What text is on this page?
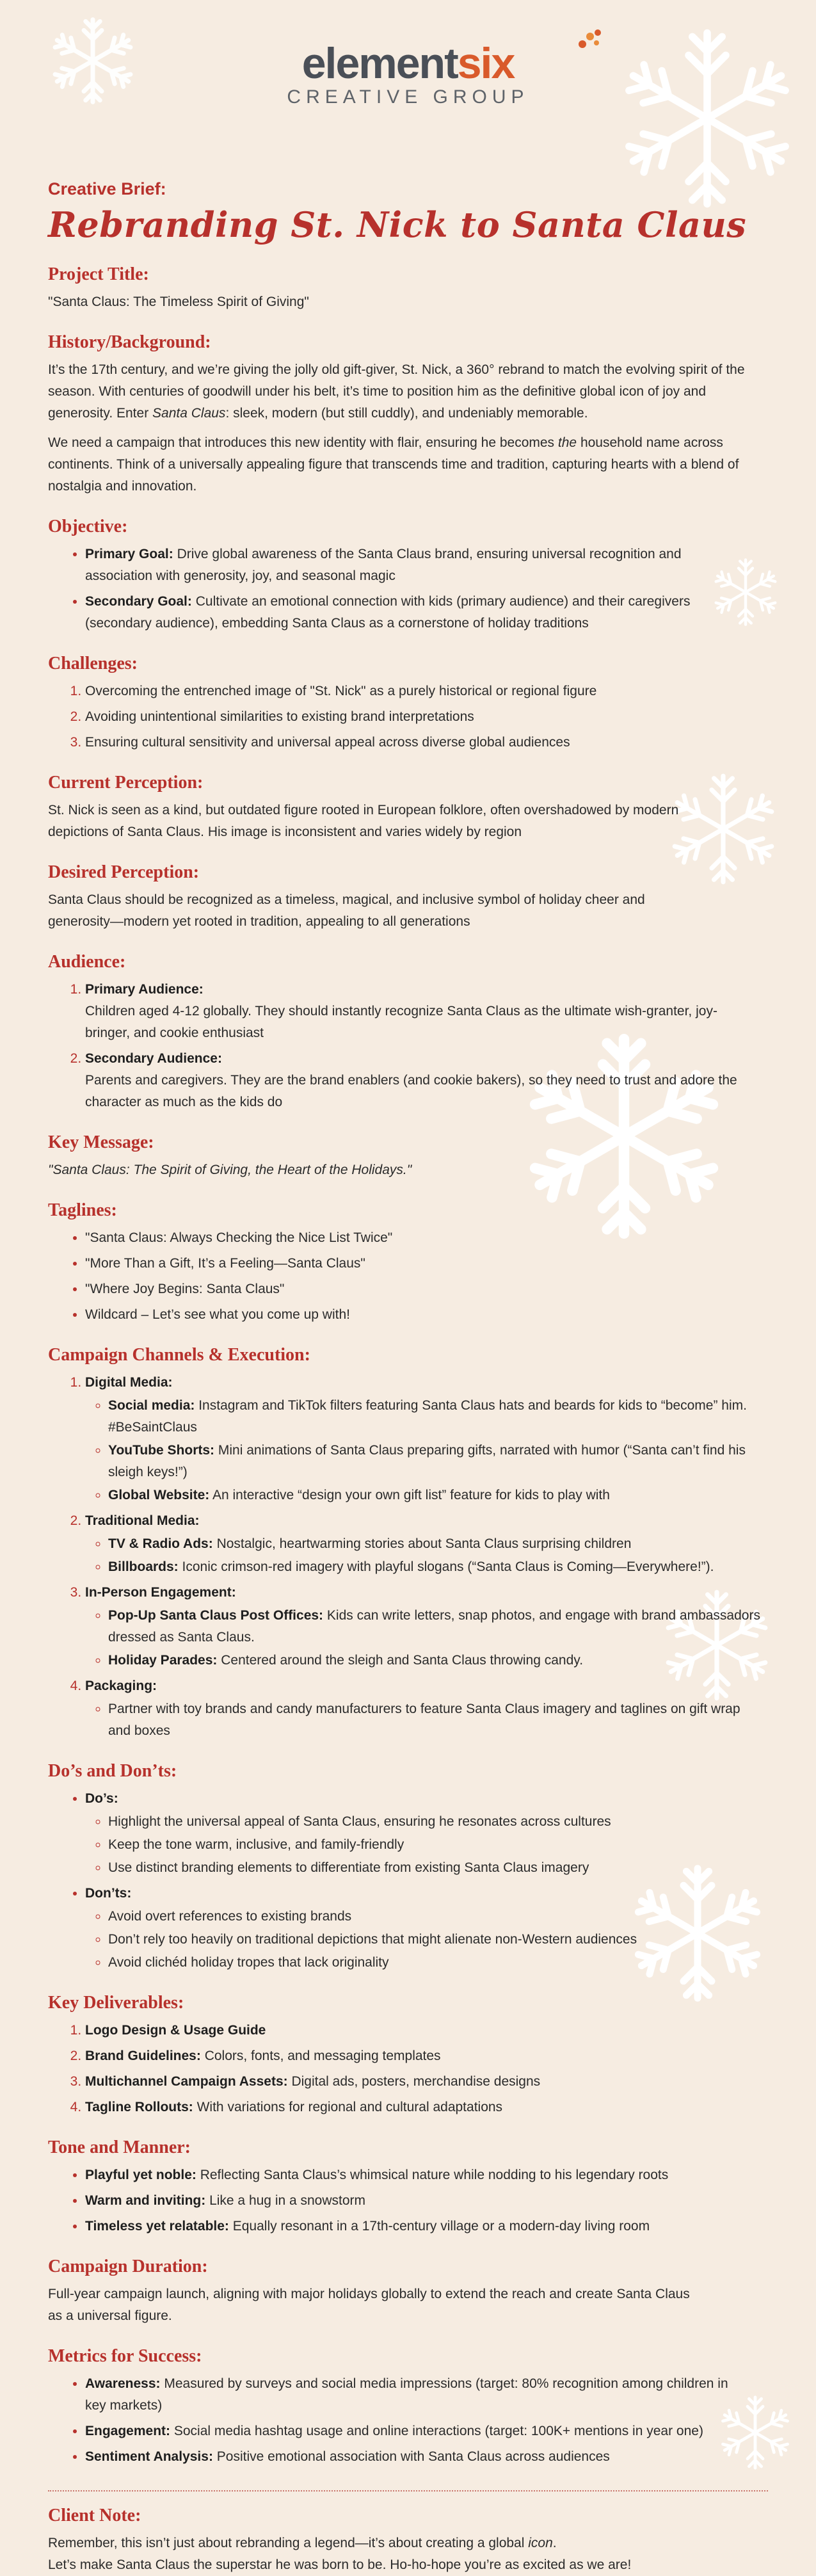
elementsix
CREATIVE GROUP
Creative Brief:
Rebranding St. Nick to Santa Claus
Project Title:

"Santa Claus: The Timeless Spirit of Giving"

History/Background:

It’s the 17th century, and we’re giving the jolly old gift-giver, St. Nick, a 360° rebrand to match the evolving spirit of the season. With centuries of goodwill under his belt, it’s time to position him as the definitive global icon of joy and generosity. Enter Santa Claus: sleek, modern (but still cuddly), and undeniably memorable.

We need a campaign that introduces this new identity with flair, ensuring he becomes the household name across continents. Think of a universally appealing figure that transcends time and tradition, capturing hearts with a blend of nostalgia and innovation.

Objective:
• Primary Goal: Drive global awareness of the Santa Claus brand, ensuring universal recognition and association with generosity, joy, and seasonal magic
• Secondary Goal: Cultivate an emotional connection with kids (primary audience) and their caregivers (secondary audience), embedding Santa Claus as a cornerstone of holiday traditions
Challenges:
1. Overcoming the entrenched image of "St. Nick" as a purely historical or regional figure
2. Avoiding unintentional similarities to existing brand interpretations
3. Ensuring cultural sensitivity and universal appeal across diverse global audiences
Current Perception:

St. Nick is seen as a kind, but outdated figure rooted in European folklore, often overshadowed by modern depictions of Santa Claus. His image is inconsistent and varies widely by region

Desired Perception:

Santa Claus should be recognized as a timeless, magical, and inclusive symbol of holiday cheer and generosity—modern yet rooted in tradition, appealing to all generations

Audience:
1. Primary Audience:
Children aged 4-12 globally. They should instantly recognize Santa Claus as the ultimate wish-granter, joy-bringer, and cookie enthusiast
2. Secondary Audience:
Parents and caregivers. They are the brand enablers (and cookie bakers), so they need to trust and adore the character as much as the kids do
Key Message:

"Santa Claus: The Spirit of Giving, the Heart of the Holidays."

Taglines:
• "Santa Claus: Always Checking the Nice List Twice"
• "More Than a Gift, It’s a Feeling—Santa Claus"
• "Where Joy Begins: Santa Claus"
• Wildcard – Let’s see what you come up with!
Campaign Channels & Execution:
1. Digital Media:
◦ Social media: Instagram and TikTok filters featuring Santa Claus hats and beards for kids to “become” him. #BeSaintClaus
◦ YouTube Shorts: Mini animations of Santa Claus preparing gifts, narrated with humor (“Santa can’t find his sleigh keys!”)
◦ Global Website: An interactive “design your own gift list” feature for kids to play with
2. Traditional Media:
◦ TV & Radio Ads: Nostalgic, heartwarming stories about Santa Claus surprising children
◦ Billboards: Iconic crimson-red imagery with playful slogans (“Santa Claus is Coming—Everywhere!”).
3. In-Person Engagement:
◦ Pop-Up Santa Claus Post Offices: Kids can write letters, snap photos, and engage with brand ambassadors dressed as Santa Claus.
◦ Holiday Parades: Centered around the sleigh and Santa Claus throwing candy.
4. Packaging:
◦ Partner with toy brands and candy manufacturers to feature Santa Claus imagery and taglines on gift wrap and boxes
Do’s and Don’ts:
• Do’s:
◦ Highlight the universal appeal of Santa Claus, ensuring he resonates across cultures
◦ Keep the tone warm, inclusive, and family-friendly
◦ Use distinct branding elements to differentiate from existing Santa Claus imagery
• Don’ts:
◦ Avoid overt references to existing brands
◦ Don’t rely too heavily on traditional depictions that might alienate non-Western audiences
◦ Avoid clichéd holiday tropes that lack originality
Key Deliverables:
1. Logo Design & Usage Guide
2. Brand Guidelines: Colors, fonts, and messaging templates
3. Multichannel Campaign Assets: Digital ads, posters, merchandise designs
4. Tagline Rollouts: With variations for regional and cultural adaptations
Tone and Manner:
• Playful yet noble: Reflecting Santa Claus’s whimsical nature while nodding to his legendary roots
• Warm and inviting: Like a hug in a snowstorm
• Timeless yet relatable: Equally resonant in a 17th-century village or a modern-day living room
Campaign Duration:

Full-year campaign launch, aligning with major holidays globally to extend the reach and create Santa Claus as a universal figure.

Metrics for Success:
• Awareness: Measured by surveys and social media impressions (target: 80% recognition among children in key markets)
• Engagement: Social media hashtag usage and online interactions (target: 100K+ mentions in year one)
• Sentiment Analysis: Positive emotional association with Santa Claus across audiences
Client Note:

Remember, this isn’t just about rebranding a legend—it’s about creating a global icon.
Let’s make Santa Claus the superstar he was born to be. Ho-ho-hope you’re as excited as we are!
